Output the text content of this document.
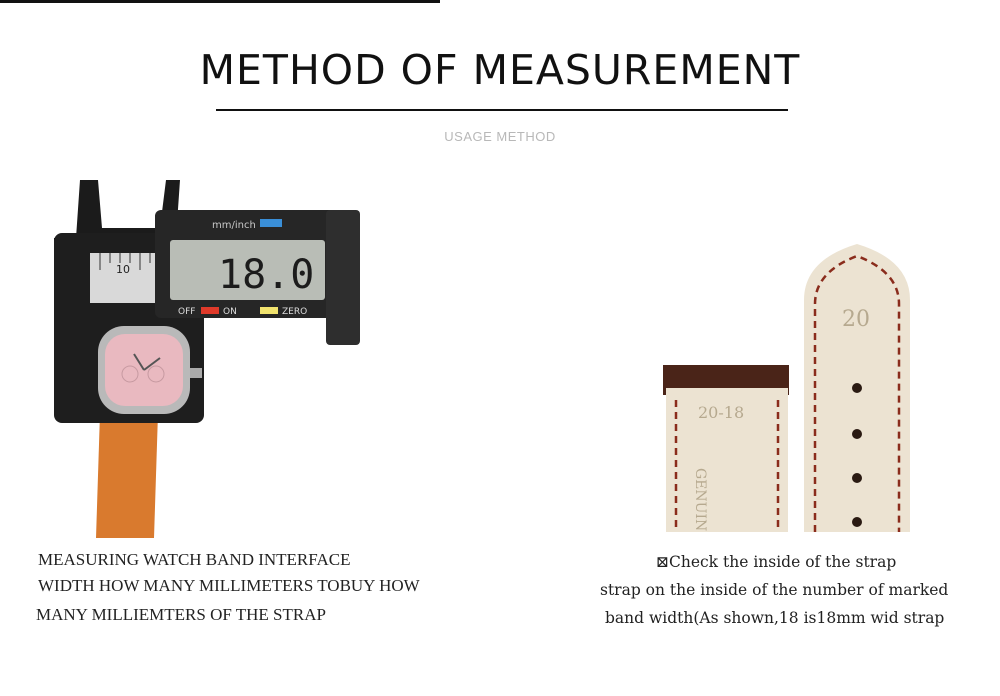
METHOD OF MEASUREMENT
USAGE METHOD
10
mm/inch
18.0
OFF	ON	ZERO
20-18
GENUIN
20
MEASURING WATCH BAND INTERFACE
WIDTH HOW MANY MILLIMETERS TOBUY HOW
MANY MILLIEMTERS OF THE STRAP
⊠Check the inside of the strap
strap on the inside of the number of marked
band width(As shown,18 is18mm wid strap
